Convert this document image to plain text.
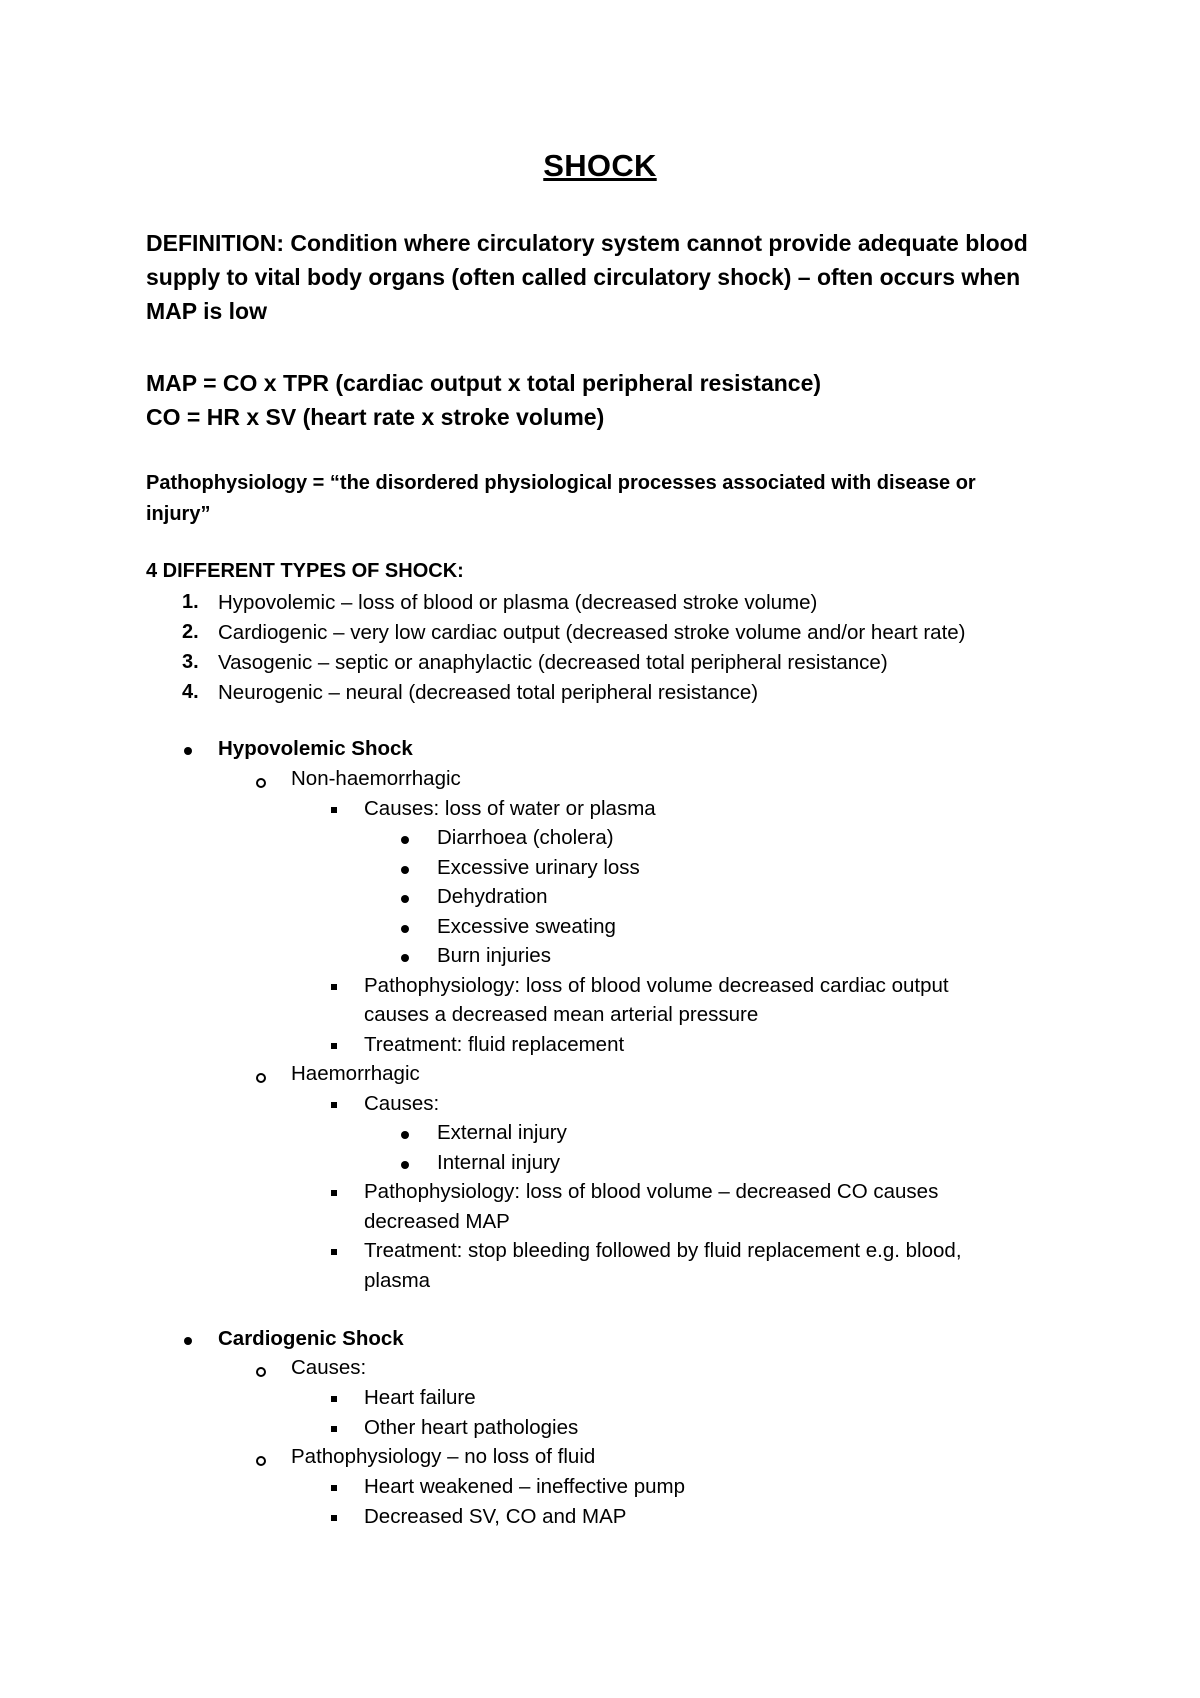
SHOCK
DEFINITION: Condition where circulatory system cannot provide adequate blood supply to vital body organs (often called circulatory shock) – often occurs when MAP is low
MAP = CO x TPR (cardiac output x total peripheral resistance)
CO = HR x SV (heart rate x stroke volume)
Pathophysiology = “the disordered physiological processes associated with disease or injury”
4 DIFFERENT TYPES OF SHOCK:
1. Hypovolemic – loss of blood or plasma (decreased stroke volume)
2. Cardiogenic – very low cardiac output (decreased stroke volume and/or heart rate)
3. Vasogenic – septic or anaphylactic (decreased total peripheral resistance)
4. Neurogenic – neural (decreased total peripheral resistance)
Hypovolemic Shock
Non-haemorrhagic
Causes: loss of water or plasma
Diarrhoea (cholera)
Excessive urinary loss
Dehydration
Excessive sweating
Burn injuries
Pathophysiology: loss of blood volume decreased cardiac output
causes a decreased mean arterial pressure
Treatment: fluid replacement
Haemorrhagic
Causes:
External injury
Internal injury
Pathophysiology: loss of blood volume – decreased CO causes
decreased MAP
Treatment: stop bleeding followed by fluid replacement e.g. blood,
plasma
Cardiogenic Shock
Causes:
Heart failure
Other heart pathologies
Pathophysiology – no loss of fluid
Heart weakened – ineffective pump
Decreased SV, CO and MAP
